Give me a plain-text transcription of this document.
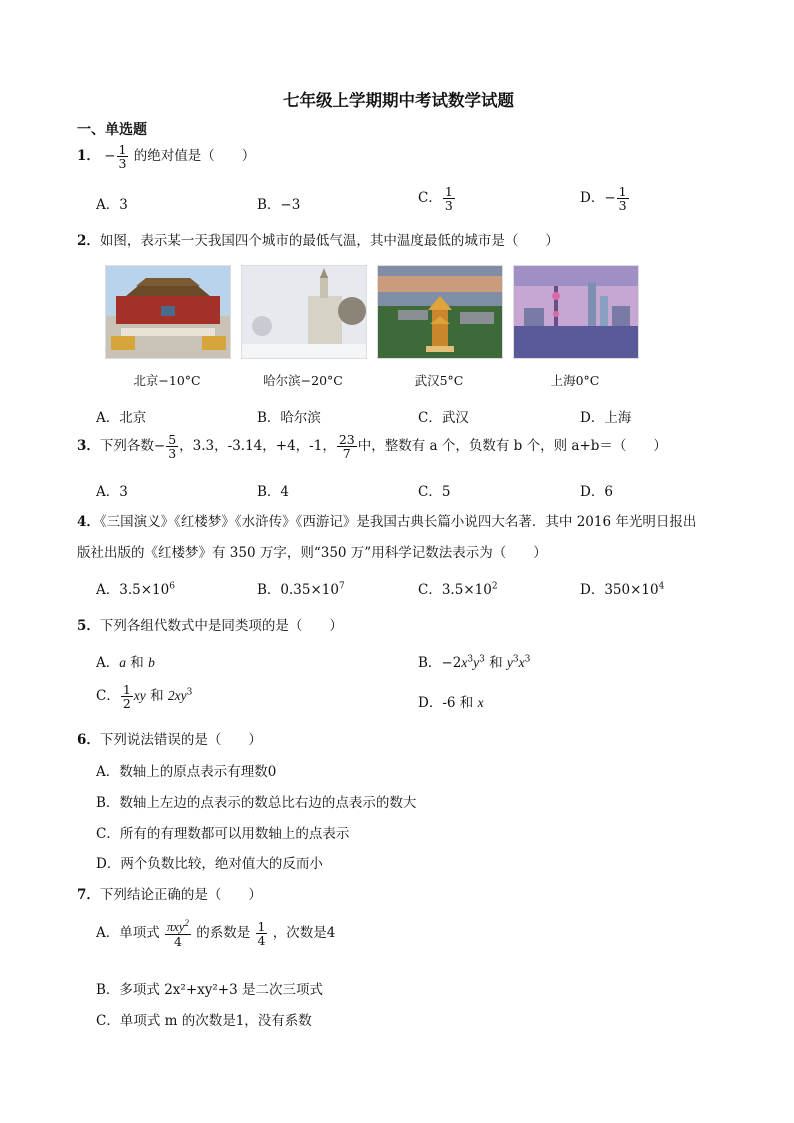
七年级上学期期中考试数学试题
一、单选题
1． − $\frac{1}{3}$ 的绝对值是（　　）
A．3	B．−3	C． $\frac{1}{3}$	D．− $\frac{1}{3}$
2．如图，表示某一天我国四个城市的最低气温，其中温度最低的城市是（　　）
北京−10°C	哈尔滨−20°C	武汉5°C	上海0°C
A．北京	B．哈尔滨	C．武汉	D．上海
3．下列各数− $\frac{5}{3}$ ，3.3，-3.14，+4，-1， $\frac{23}{7}$ 中，整数有 a 个，负数有 b 个，则 a+b＝（　　）
A．3	B．4	C．5	D．6
4．《三国演义》《红楼梦》《水浒传》《西游记》是我国古典长篇小说四大名著．其中 2016 年光明日报出
版社出版的《红楼梦》有 350 万字，则“350 万”用科学记数法表示为（　　）
A．$3.5\times 10^6$	B．$0.35\times 10^7$	C．$3.5\times 10^2$	D．$350\times 10^4$
5．下列各组代数式中是同类项的是（　　）
A．a 和 b	B．$-2x^3y^3$ 和 $y^3x^3$
C． $\frac{1}{2}$ xy 和 $2xy^3$
D．-6 和 x
6．下列说法错误的是（　　）
A．数轴上的原点表示有理数0
B．数轴上左边的点表示的数总比右边的点表示的数大
C．所有的有理数都可以用数轴上的点表示
D．两个负数比较，绝对值大的反而小
7．下列结论正确的是（　　）
A．单项式 $\frac{\pi xy^2}{4}$ 的系数是 $\frac{1}{4}$ ，次数是4
B．多项式 2x²+xy²+3 是二次三项式
C．单项式 m 的次数是1，没有系数
